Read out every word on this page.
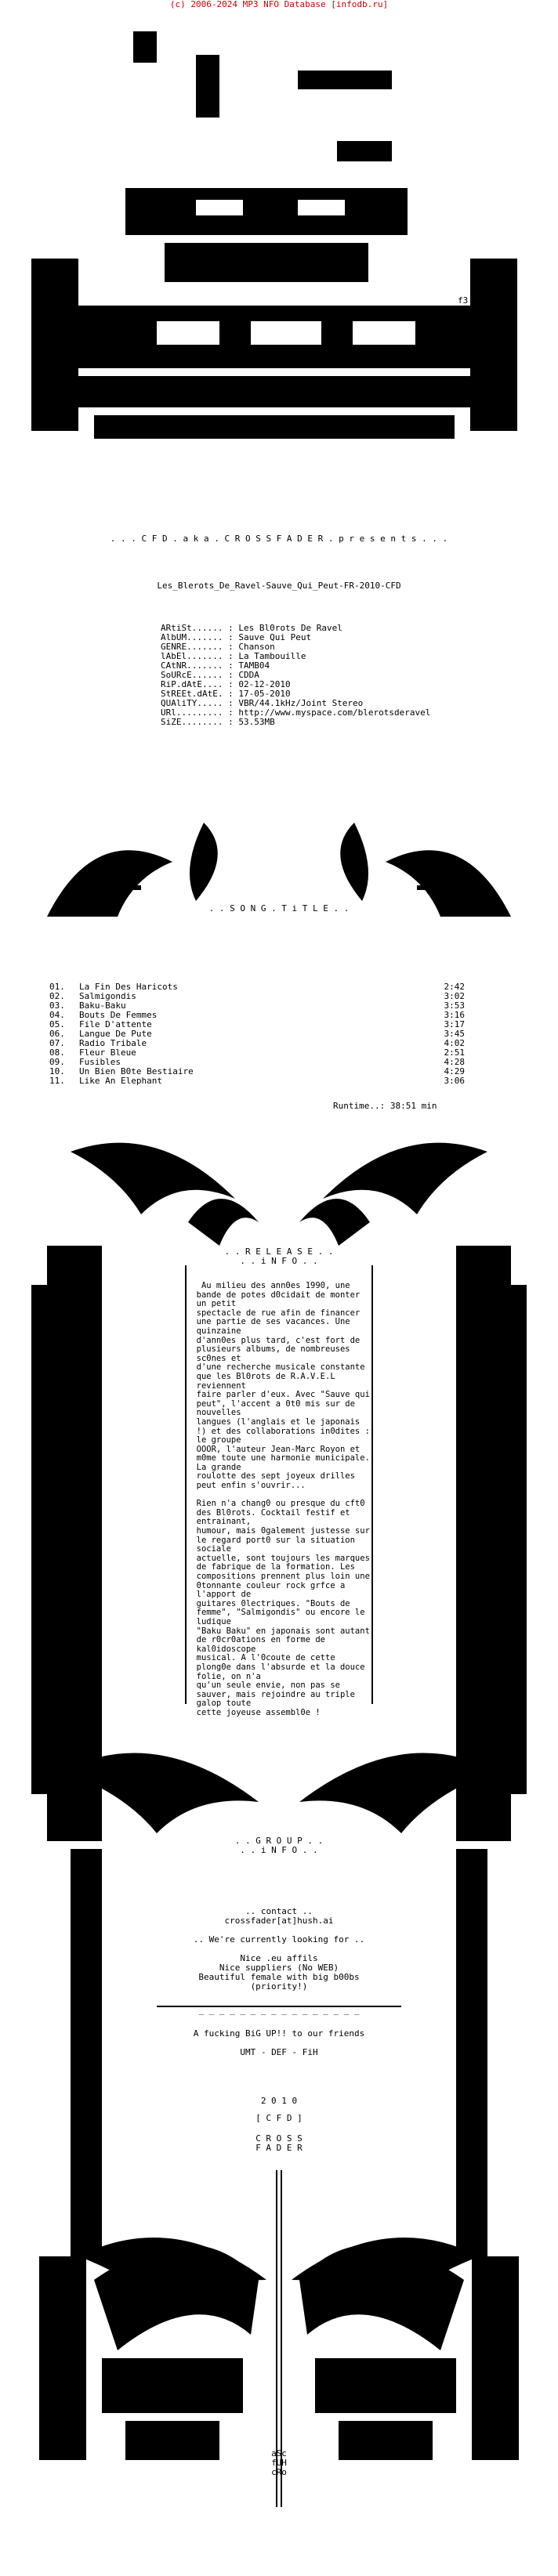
(c) 2006-2024 MP3 NFO Database [infodb.ru]
f3!
cRo
. . . C F D . a k a . C R O S S F A D E R . p r e s e n t s . . .
Les_Blerots_De_Ravel-Sauve_Qui_Peut-FR-2010-CFD
ARtiSt...... : Les Bl0rots De Ravel
AlbUM....... : Sauve Qui Peut
GENRE....... : Chanson
lAbEl....... : La Tambouille
CAtNR....... : TAMB04
SoURcE...... : CDDA
RiP.dAtE.... : 02-12-2010
StREEt.dAtE. : 17-05-2010
QUAliTY..... : VBR/44.1kHz/Joint Stereo
URl......... : http://www.myspace.com/blerotsderavel
SiZE........ : 53.53MB
. . S O N G . T i T L E . .
01.	La Fin Des Haricots	2:42
02.	Salmigondis	3:02
03.	Baku-Baku	3:53
04.	Bouts De Femmes	3:16
05.	File D'attente	3:17
06.	Langue De Pute	3:45
07.	Radio Tribale	4:02
08.	Fleur Bleue	2:51
09.	Fusibles	4:28
10.	Un Bien B0te Bestiaire	4:29
11.	Like An Elephant	3:06
Runtime..: 38:51 min
. . R E L E A S E . .
. . i N F O . .
Au milieu des ann0es 1990, une
bande de potes d0cidait de monter
un petit
spectacle de rue afin de financer
une partie de ses vacances. Une
quinzaine
d'ann0es plus tard, c'est fort de
plusieurs albums, de nombreuses
sc0nes et
d'une recherche musicale constante
que les Bl0rots de R.A.V.E.L
reviennent
faire parler d'eux. Avec "Sauve qui
peut", l'accent a 0t0 mis sur de
nouvelles
langues (l'anglais et le japonais
!) et des collaborations in0dites :
le groupe
OOOR, l'auteur Jean-Marc Royon et
m0me toute une harmonie municipale.
La grande
roulotte des sept joyeux drilles
peut enfin s'ouvrir...

Rien n'a chang0 ou presque du cft0
des Bl0rots. Cocktail festif et
entrainant,
humour, mais 0galement justesse sur
le regard port0 sur la situation
sociale
actuelle, sont toujours les marques
de fabrique de la formation. Les
compositions prennent plus loin une
0tonnante couleur rock grfce a
l'apport de
guitares 0lectriques. "Bouts de
femme", "Salmigondis" ou encore le
ludique
"Baku Baku" en japonais sont autant
de r0cr0ations en forme de
kal0idoscope
musical. A l'0coute de cette
plong0e dans l'absurde et la douce
folie, on n'a
qu'un seule envie, non pas se
sauver, mais rejoindre au triple
galop toute
cette joyeuse assembl0e !
. . G R O U P . .
. . i N F O . .
.. contact ..
crossfader[at]hush.ai
.. We're currently looking for ..
Nice .eu affils
Nice suppliers (No WEB)
Beautiful female with big b00bs
(priority!)
_ _ _ _ _ _ _ _ _ _ _ _ _ _ _ _
A fucking BiG UP!! to our friends
UMT - DEF - FiH
2 0 1 0
[ C F D ]
C R O S S
F A D E R
aSc
fUH
cRo
